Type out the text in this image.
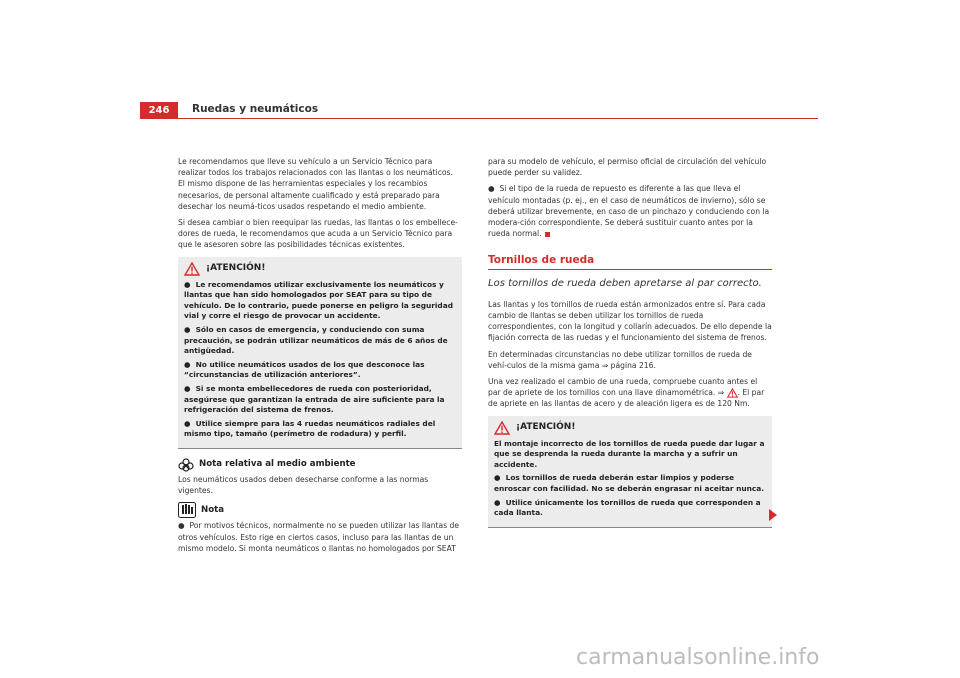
246	Ruedas y neumáticos

Le recomendamos que lleve su vehículo a un Servicio Técnico para realizar todos los trabajos relacionados con las llantas o los neumáticos. El mismo dispone de las herramientas especiales y los recambios necesarios, de personal altamente cualificado y está preparado para desechar los neumá-ticos usados respetando el medio ambiente.

Si desea cambiar o bien reequipar las ruedas, las llantas o los embellece-dores de rueda, le recomendamos que acuda a un Servicio Técnico para que le asesoren sobre las posibilidades técnicas existentes.

¡ATENCIÓN!
● Le recomendamos utilizar exclusivamente los neumáticos y llantas que han sido homologados por SEAT para su tipo de vehículo. De lo contrario, puede ponerse en peligro la seguridad vial y corre el riesgo de provocar un accidente.
● Sólo en casos de emergencia, y conduciendo con suma precaución, se podrán utilizar neumáticos de más de 6 años de antigüedad.
● No utilice neumáticos usados de los que desconoce las “circunstancias de utilización anteriores”.
● Si se monta embellecedores de rueda con posterioridad, asegúrese que garantizan la entrada de aire suficiente para la refrigeración del sistema de frenos.
● Utilice siempre para las 4 ruedas neumáticos radiales del mismo tipo, tamaño (perímetro de rodadura) y perfil.
Nota relativa al medio ambiente

Los neumáticos usados deben desecharse conforme a las normas vigentes.

Nota

● Por motivos técnicos, normalmente no se pueden utilizar las llantas de otros vehículos. Esto rige en ciertos casos, incluso para las llantas de un mismo modelo. Si monta neumáticos o llantas no homologados por SEAT

para su modelo de vehículo, el permiso oficial de circulación del vehículo puede perder su validez.

● Si el tipo de la rueda de repuesto es diferente a las que lleva el vehículo montadas (p. ej., en el caso de neumáticos de invierno), sólo se deberá utilizar brevemente, en caso de un pinchazo y conduciendo con la modera-ción correspondiente. Se deberá sustituir cuanto antes por la rueda normal.

Tornillos de rueda
Los tornillos de rueda deben apretarse al par correcto.

Las llantas y los tornillos de rueda están armonizados entre sí. Para cada cambio de llantas se deben utilizar los tornillos de rueda correspondientes, con la longitud y collarín adecuados. De ello depende la fijación correcta de las ruedas y el funcionamiento del sistema de frenos.

En determinadas circunstancias no debe utilizar tornillos de rueda de vehí-culos de la misma gama ⇒ página 216.

Una vez realizado el cambio de una rueda, compruebe cuanto antes el par de apriete de los tornillos con una llave dinamométrica. ⇒ . El par de apriete en las llantas de acero y de aleación ligera es de 120 Nm.

¡ATENCIÓN!
El montaje incorrecto de los tornillos de rueda puede dar lugar a que se desprenda la rueda durante la marcha y a sufrir un accidente.
● Los tornillos de rueda deberán estar limpios y poderse enroscar con facilidad. No se deberán engrasar ni aceitar nunca.
● Utilice únicamente los tornillos de rueda que corresponden a cada llanta.
carmanualsonline.info
